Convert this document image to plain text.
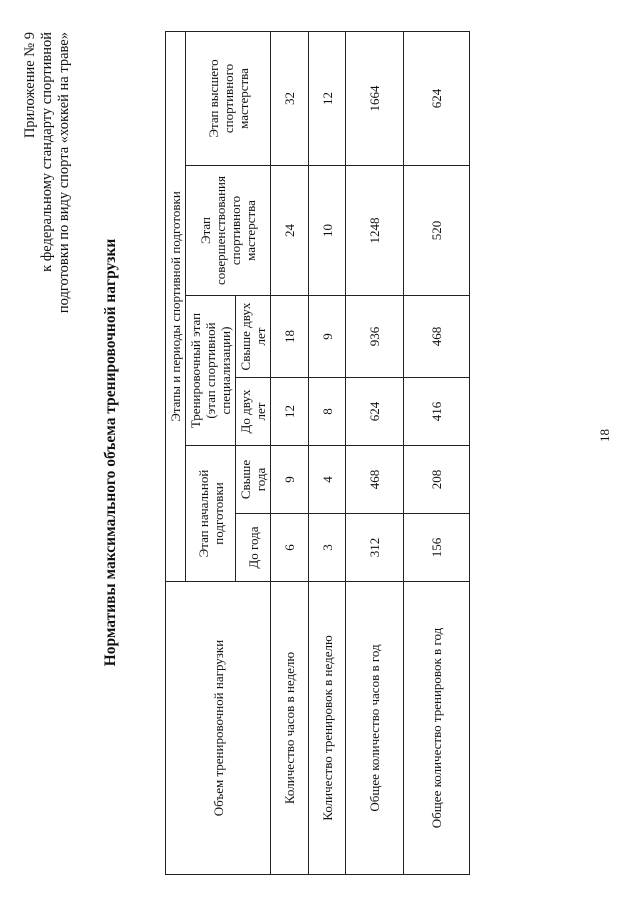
18
Приложение № 9 к федеральному стандарту спортивной подготовки по виду спорта «хоккей на траве»
Нормативы максимального объема тренировочной нагрузки
Объем тренировочной нагрузки	Этапы и периоды спортивной подготовки					
	Этап начальной подготовки		Тренировочный этап (этап спортивной специализации)		Этап совершенствования спортивного мастерства	Этап высшего спортивного мастерства
	До года	Свыше года	До двух лет	Свыше двух лет		
Количество часов в неделю	6	9	12	18	24	32
Количество тренировок в неделю	3	4	8	9	10	12
Общее количество часов в год	312	468	624	936	1248	1664
Общее количество тренировок в год	156	208	416	468	520	624
